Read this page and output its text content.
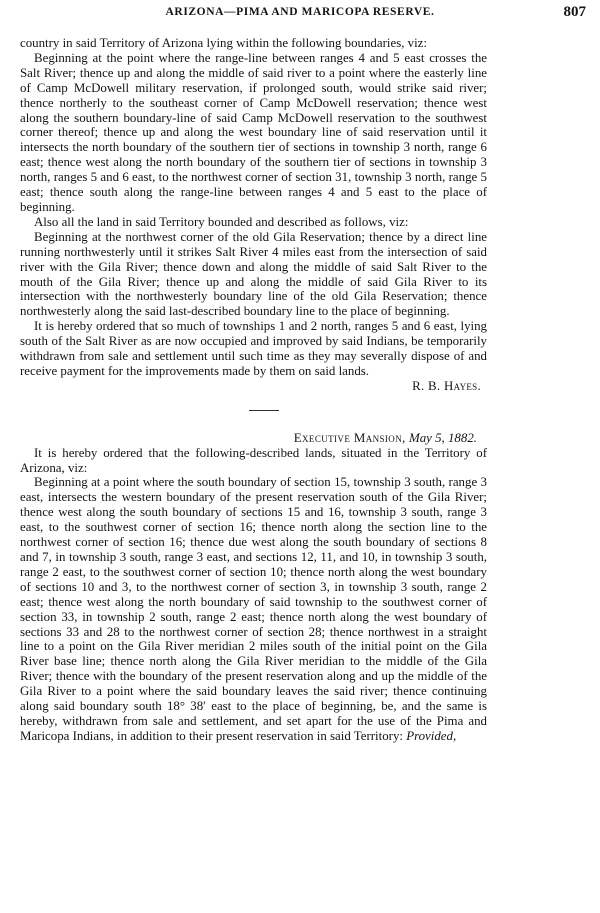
ARIZONA—PIMA AND MARICOPA RESERVE.	807

country in said Territory of Arizona lying within the following boundaries, viz:

Beginning at the point where the range-line between ranges 4 and 5 east crosses the Salt River; thence up and along the middle of said river to a point where the easterly line of Camp McDowell military reservation, if prolonged south, would strike said river; thence northerly to the southeast corner of Camp McDowell reservation; thence west along the southern boundary-line of said Camp McDowell reservation to the southwest corner thereof; thence up and along the west boundary line of said reservation until it intersects the north boundary of the southern tier of sections in township 3 north, range 6 east; thence west along the north boundary of the southern tier of sections in township 3 north, ranges 5 and 6 east, to the northwest corner of section 31, township 3 north, range 5 east; thence south along the range-line between ranges 4 and 5 east to the place of beginning.

Also all the land in said Territory bounded and described as follows, viz:

Beginning at the northwest corner of the old Gila Reservation; thence by a direct line running northwesterly until it strikes Salt River 4 miles east from the intersection of said river with the Gila River; thence down and along the middle of said Salt River to the mouth of the Gila River; thence up and along the middle of said Gila River to its intersection with the northwesterly boundary line of the old Gila Reservation; thence northwesterly along the said last-described boundary line to the place of beginning.

It is hereby ordered that so much of townships 1 and 2 north, ranges 5 and 6 east, lying south of the Salt River as are now occupied and improved by said Indians, be temporarily withdrawn from sale and settlement until such time as they may severally dispose of and receive payment for the improvements made by them on said lands.

R. B. Hayes.

Executive Mansion, May 5, 1882.

It is hereby ordered that the following-described lands, situated in the Territory of Arizona, viz:

Beginning at a point where the south boundary of section 15, township 3 south, range 3 east, intersects the western boundary of the present reservation south of the Gila River; thence west along the south boundary of sections 15 and 16, township 3 south, range 3 east, to the southwest corner of section 16; thence north along the section line to the northwest corner of section 16; thence due west along the south boundary of sections 8 and 7, in township 3 south, range 3 east, and sections 12, 11, and 10, in township 3 south, range 2 east, to the southwest corner of section 10; thence north along the west boundary of sections 10 and 3, to the northwest corner of section 3, in township 3 south, range 2 east; thence west along the north boundary of said township to the southwest corner of section 33, in township 2 south, range 2 east; thence north along the west boundary of sections 33 and 28 to the northwest corner of section 28; thence northwest in a straight line to a point on the Gila River meridian 2 miles south of the initial point on the Gila River base line; thence north along the Gila River meridian to the middle of the Gila River; thence with the boundary of the present reservation along and up the middle of the Gila River to a point where the said boundary leaves the said river; thence continuing along said boundary south 18° 38′ east to the place of beginning, be, and the same is hereby, withdrawn from sale and settlement, and set apart for the use of the Pima and Maricopa Indians, in addition to their present reservation in said Territory: Provided,
